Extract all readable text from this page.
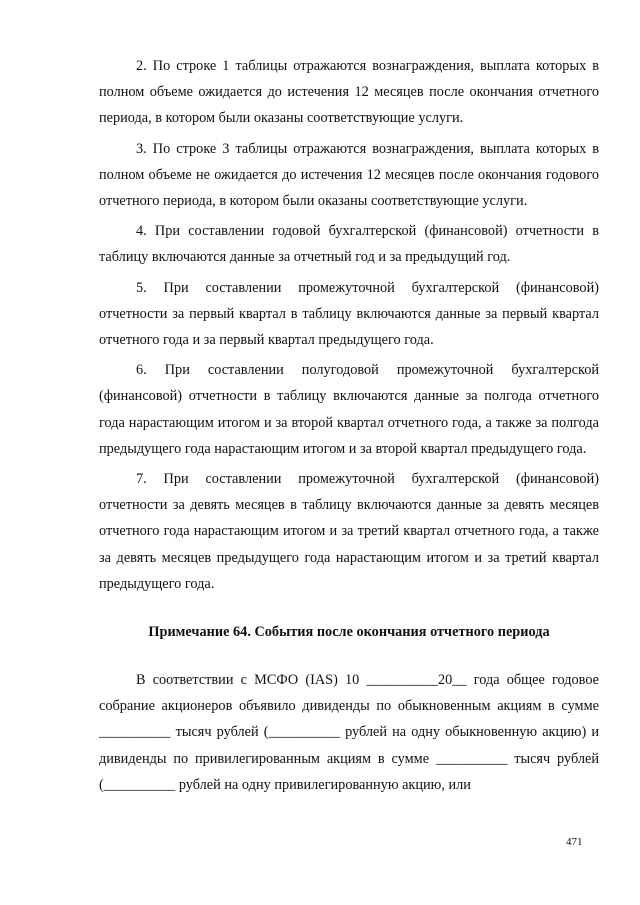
2. По строке 1 таблицы отражаются вознаграждения, выплата которых в полном объеме ожидается до истечения 12 месяцев после окончания отчетного периода, в котором были оказаны соответствующие услуги.

3. По строке 3 таблицы отражаются вознаграждения, выплата которых в полном объеме не ожидается до истечения 12 месяцев после окончания годового отчетного периода, в котором были оказаны соответствующие услуги.

4. При составлении годовой бухгалтерской (финансовой) отчетности в таблицу включаются данные за отчетный год и за предыдущий год.

5. При составлении промежуточной бухгалтерской (финансовой) отчетности за первый квартал в таблицу включаются данные за первый квартал отчетного года и за первый квартал предыдущего года.

6. При составлении полугодовой промежуточной бухгалтерской (финансовой) отчетности в таблицу включаются данные за полгода отчетного года нарастающим итогом и за второй квартал отчетного года, а также за полгода предыдущего года нарастающим итогом и за второй квартал предыдущего года.

7. При составлении промежуточной бухгалтерской (финансовой) отчетности за девять месяцев в таблицу включаются данные за девять месяцев отчетного года нарастающим итогом и за третий квартал отчетного года, а также за девять месяцев предыдущего года нарастающим итогом и за третий квартал предыдущего года.

Примечание 64. События после окончания отчетного периода

В соответствии с МСФО (IAS) 10 __________20__ года общее годовое собрание акционеров объявило дивиденды по обыкновенным акциям в сумме __________ тысяч рублей (__________ рублей на одну обыкновенную акцию) и дивиденды по привилегированным акциям в сумме __________ тысяч рублей (__________ рублей на одну привилегированную акцию, или

471
